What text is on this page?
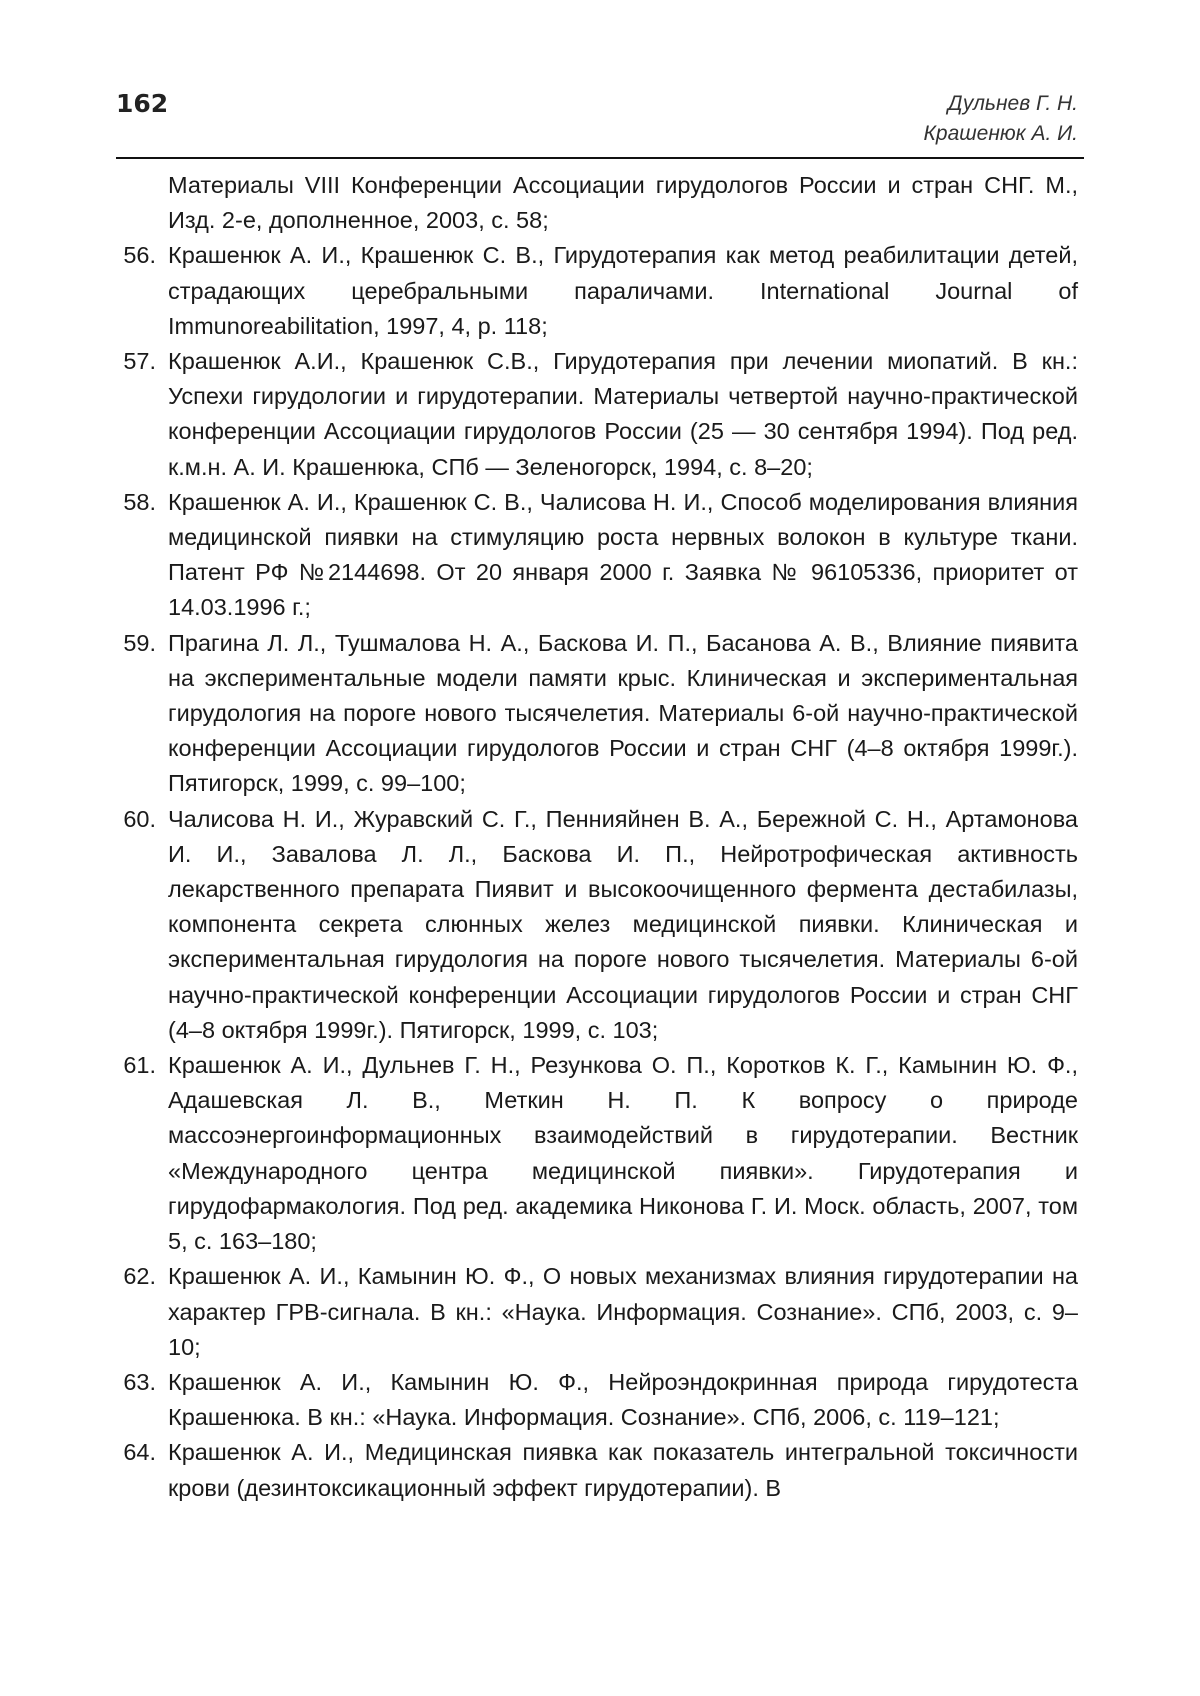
162	Дульнев Г. Н.
Крашенюк А. И.
Материалы VIII Конференции Ассоциации гирудологов России и стран СНГ. М., Изд. 2-е, дополненное, 2003, с. 58;
56. Крашенюк А. И., Крашенюк С. В., Гирудотерапия как метод реабилитации детей, страдающих церебральными параличами. International Journal of Immunoreabilitation, 1997, 4, р. 118;
57. Крашенюк А.И., Крашенюк С.В., Гирудотерапия при лечении миопатий. В кн.: Успехи гирудологии и гирудотерапии. Материалы четвертой научно-практической конференции Ассоциации гирудологов России (25 — 30 сентября 1994). Под ред. к.м.н. А. И. Крашенюка, СПб — Зеленогорск, 1994, с. 8–20;
58. Крашенюк А. И., Крашенюк С. В., Чалисова Н. И., Способ моделирования влияния медицинской пиявки на стимуляцию роста нервных волокон в культуре ткани. Патент РФ №2144698. От 20 января 2000 г. Заявка № 96105336, приоритет от 14.03.1996 г.;
59. Прагина Л. Л., Тушмалова Н. А., Баскова И. П., Басанова А. В., Влияние пиявита на экспериментальные модели памяти крыс. Клиническая и экспериментальная гирудология на пороге нового тысячелетия. Материалы 6-ой научно-практической конференции Ассоциации гирудологов России и стран СНГ (4–8 октября 1999г.). Пятигорск, 1999, с. 99–100;
60. Чалисова Н. И., Журавский С. Г., Пеннияйнен В. А., Бережной С. Н., Артамонова И. И., Завалова Л. Л., Баскова И. П., Нейротрофическая активность лекарственного препарата Пиявит и высокоочищенного фермента дестабилазы, компонента секрета слюнных желез медицинской пиявки. Клиническая и экспериментальная гирудология на пороге нового тысячелетия. Материалы 6-ой научно-практической конференции Ассоциации гирудологов России и стран СНГ (4–8 октября 1999г.). Пятигорск, 1999, с. 103;
61. Крашенюк А. И., Дульнев Г. Н., Резункова О. П., Коротков К. Г., Камынин Ю. Ф., Адашевская Л. В., Меткин Н. П. К вопросу о природе массоэнергоинформационных взаимодействий в гирудотерапии. Вестник «Международного центра медицинской пиявки». Гирудотерапия и гирудофармакология. Под ред. академика Никонова Г. И. Моск. область, 2007, том 5, с. 163–180;
62. Крашенюк А. И., Камынин Ю. Ф., О новых механизмах влияния гирудотерапии на характер ГРВ-сигнала. В кн.: «Наука. Информация. Сознание». СПб, 2003, с. 9–10;
63. Крашенюк А. И., Камынин Ю. Ф., Нейроэндокринная природа гирудотеста Крашенюка. В кн.: «Наука. Информация. Сознание». СПб, 2006, с. 119–121;
64. Крашенюк А. И., Медицинская пиявка как показатель интегральной токсичности крови (дезинтоксикационный эффект гирудотерапии). В
